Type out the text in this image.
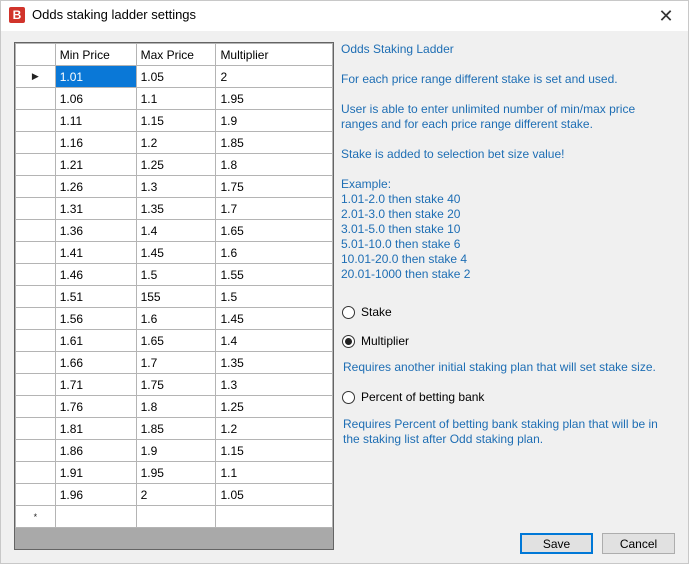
B Odds staking ladder settings	✕
	Min Price	Max Price	Multiplier
▶	1.01	1.05	2
	1.06	1.1	1.95
	1.11	1.15	1.9
	1.16	1.2	1.85
	1.21	1.25	1.8
	1.26	1.3	1.75
	1.31	1.35	1.7
	1.36	1.4	1.65
	1.41	1.45	1.6
	1.46	1.5	1.55
	1.51	155	1.5
	1.56	1.6	1.45
	1.61	1.65	1.4
	1.66	1.7	1.35
	1.71	1.75	1.3
	1.76	1.8	1.25
	1.81	1.85	1.2
	1.86	1.9	1.15
	1.91	1.95	1.1
	1.96	2	1.05
*			

Odds Staking Ladder

For each price range different stake is set and used.

User is able to enter unlimited number of min/max price ranges and for each price range different stake.

Stake is added to selection bet size value!

Example:
1.01-2.0 then stake 40
2.01-3.0 then stake 20
3.01-5.0 then stake 10
5.01-10.0 then stake 6
10.01-20.0 then stake 4
20.01-1000 then stake 2
Stake
Multiplier
Requires another initial staking plan that will set stake size.
Percent of betting bank
Requires Percent of betting bank staking plan that will be in the staking list after Odd staking plan.
Save	Cancel
